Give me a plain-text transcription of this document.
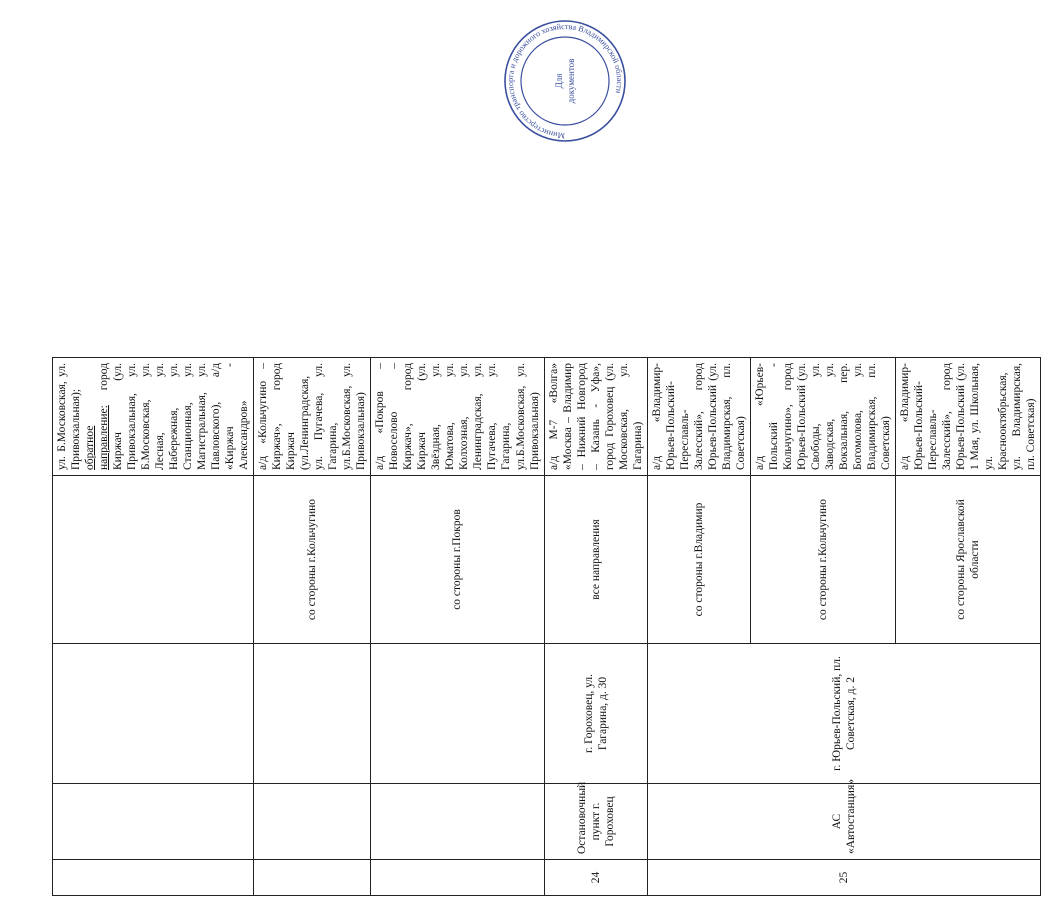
				ул. Б.Московская, ул. Привокзальная); обратное направление: город Киржач (ул. Привокзальная, ул. Б.Московская, ул. Лесная, ул. Набережная, ул. Станционная, ул. Магистральная, ул. Павловского), а/д «Киржач - Александров»
			со стороны г.Кольчугино	а/д «Кольчугино – Киржач», город Киржач (ул.Ленинградская, ул. Пугачева, ул. Гагарина, ул.Б.Московская, ул. Привокзальная)
			со стороны г.Покров	а/д «Покров – Новоселово – Киржач», город Киржач (ул. Звёздная, ул. Юматова, ул. Колхозная, ул. Ленинградская, ул. Пугачева, ул. Гагарина, ул.Б.Московская, ул. Привокзальная)
24	Остановочный пункт г. Гороховец	г. Гороховец, ул. Гагарина, д. 30	все направления	а/д М-7 «Волга» «Москва – Владимир – Нижний Новгород – Казань - Уфа», город Гороховец (ул. Московская, ул. Гагарина)
25	АС «Автостанция»	г. Юрьев-Польский, пл. Советская, д. 2	со стороны г.Владимир	а/д «Владимир-Юрьев-Польский-Переславль-Залесский», город Юрьев-Польский (ул. Владимирская, пл. Советская)
			со стороны г.Кольчугино	а/д «Юрьев-Польский - Кольчугино», город Юрьев-Польский (ул. Свободы, ул. Заводская, ул. Вокзальная, пер. Богомолова, ул. Владимирская, пл. Советская)
			со стороны Ярославской области	а/д «Владимир-Юрьев-Польский-Переславль-Залесский», город Юрьев-Польский (ул. 1 Мая, ул. Школьная, ул. Краснооктябрьская, ул. Владимирская, пл. Советская)
Министерство транспорта и дорожного хозяйства Владимирской области
Для документов
